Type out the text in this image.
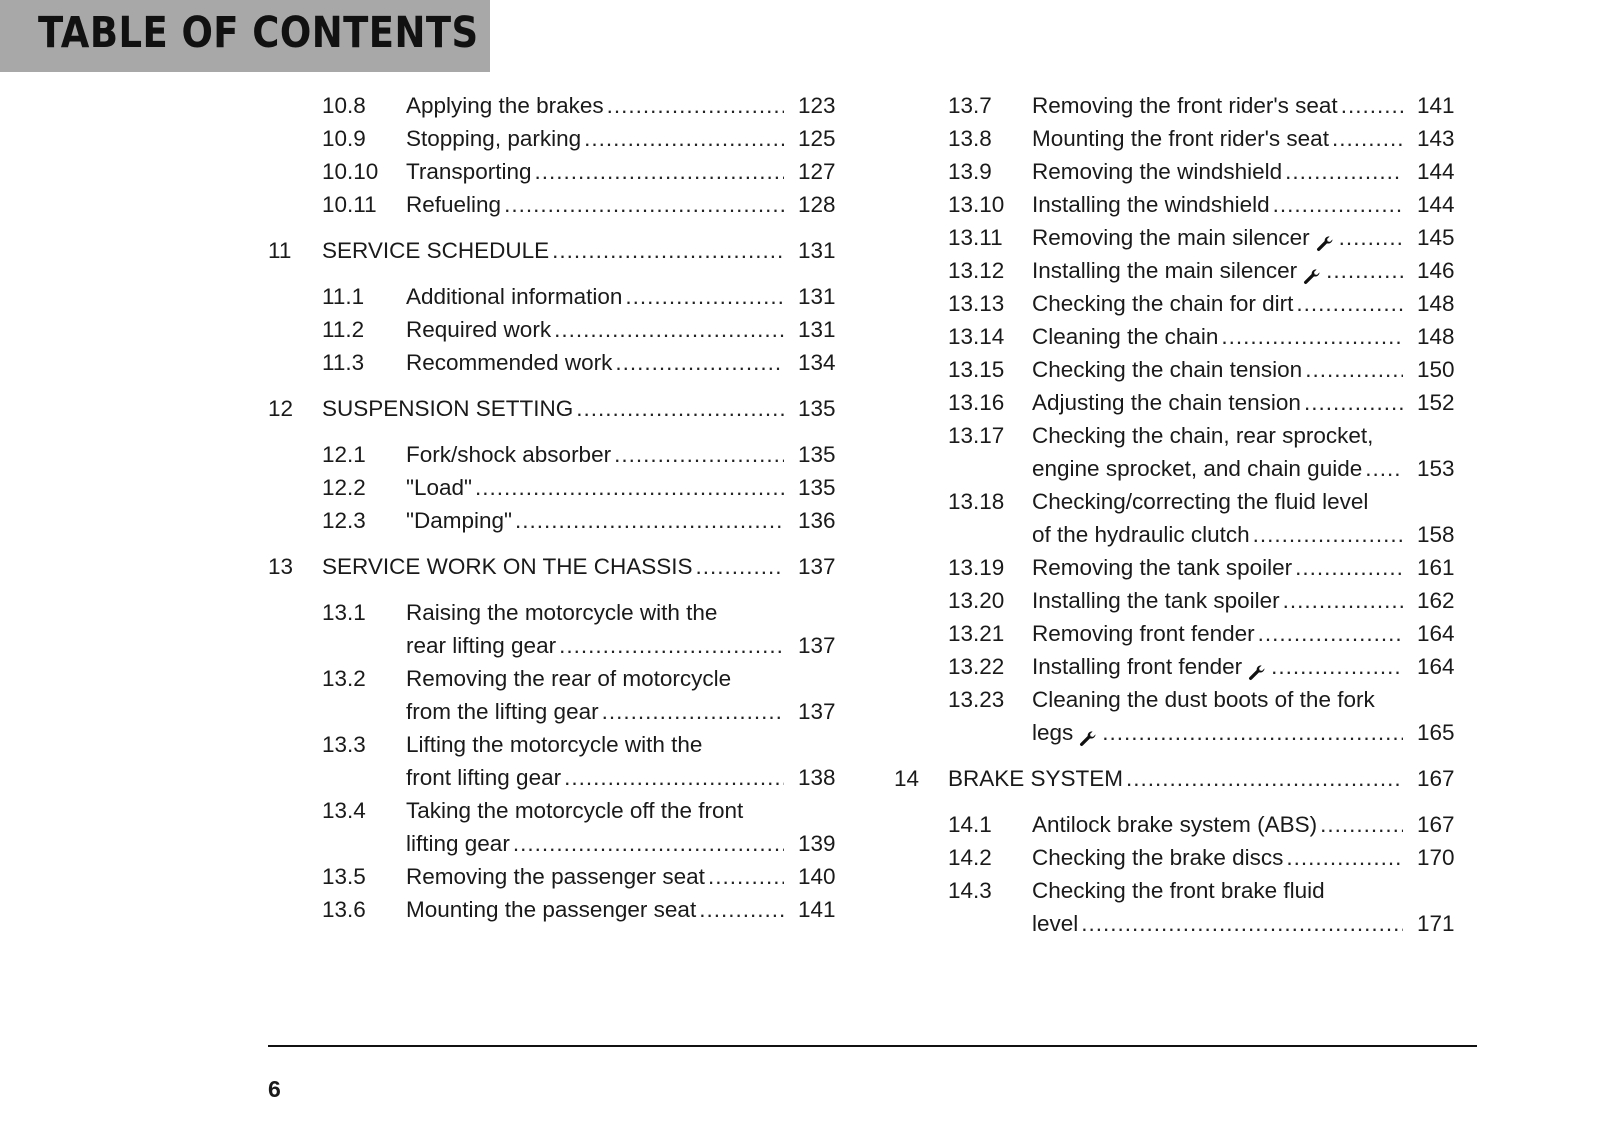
TABLE OF CONTENTS
10.8	Applying the brakes .....	123
10.9	Stopping, parking .....	125
10.10	Transporting .....	127
10.11	Refueling .....	128
11	SERVICE SCHEDULE .....	131
11.1	Additional information .....	131
11.2	Required work .....	131
11.3	Recommended work .....	134
12	SUSPENSION SETTING .....	135
12.1	Fork/shock absorber .....	135
12.2	"Load" .....	135
12.3	"Damping" .....	136
13	SERVICE WORK ON THE CHASSIS .....	137
13.1	Raising the motorcycle with the
rear lifting gear .....	137
13.2	Removing the rear of motorcycle
from the lifting gear .....	137
13.3	Lifting the motorcycle with the
front lifting gear .....	138
13.4	Taking the motorcycle off the front
lifting gear .....	139
13.5	Removing the passenger seat .....	140
13.6	Mounting the passenger seat .....	141
13.7	Removing the front rider's seat .....	141
13.8	Mounting the front rider's seat .....	143
13.9	Removing the windshield .....	144
13.10	Installing the windshield .....	144
13.11	Removing the main silencer .....	145
13.12	Installing the main silencer .....	146
13.13	Checking the chain for dirt .....	148
13.14	Cleaning the chain .....	148
13.15	Checking the chain tension .....	150
13.16	Adjusting the chain tension .....	152
13.17	Checking the chain, rear sprocket,
engine sprocket, and chain guide ..... 153
13.18	Checking/correcting the fluid level
of the hydraulic clutch .....	158
13.19	Removing the tank spoiler .....	161
13.20	Installing the tank spoiler .....	162
13.21	Removing front fender .....	164
13.22	Installing front fender .....	164
13.23	Cleaning the dust boots of the fork
legs .....	165
14	BRAKE SYSTEM .....	167
14.1	Antilock brake system (ABS) .....	167
14.2	Checking the brake discs .....	170
14.3	Checking the front brake fluid
level .....	171
6
